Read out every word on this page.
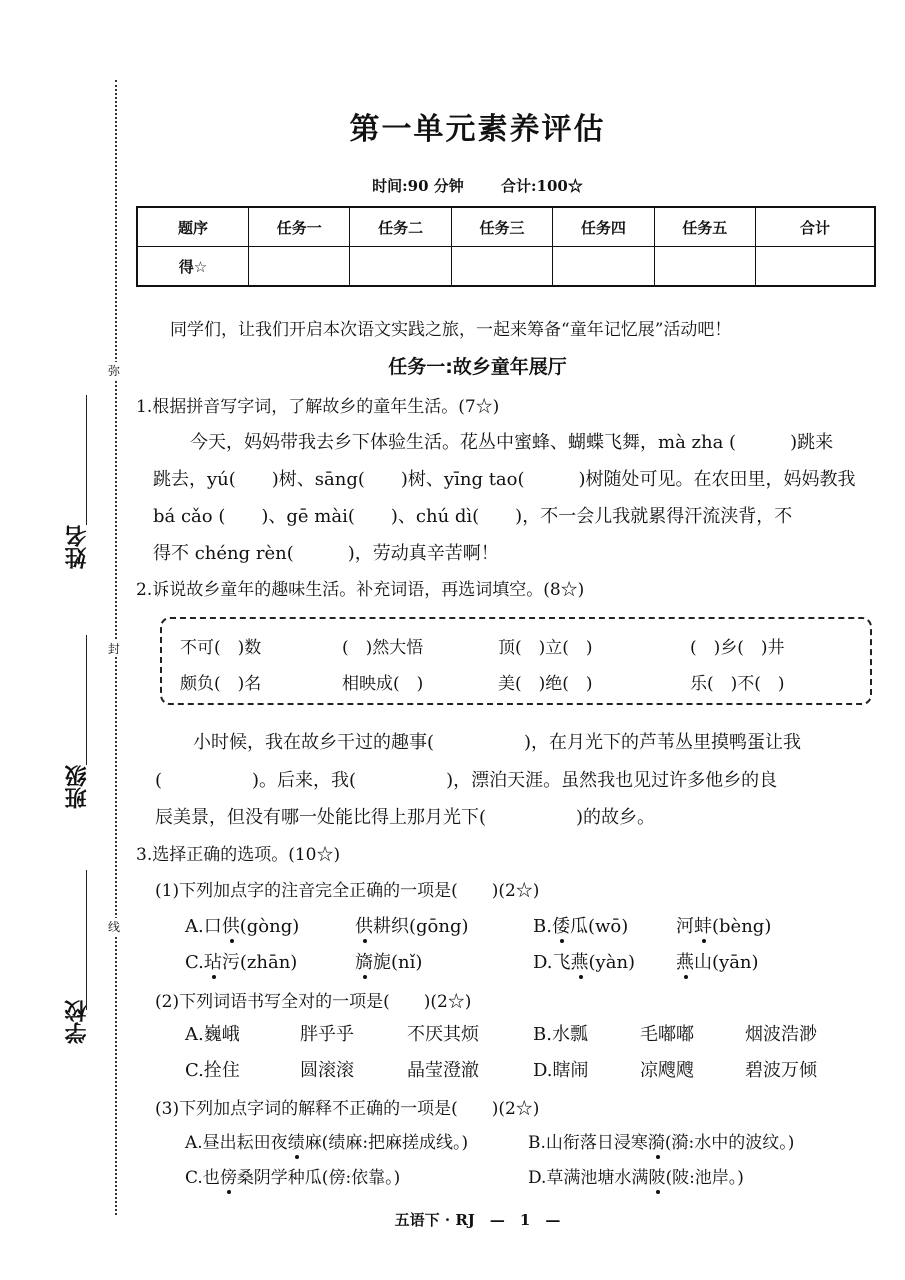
姓名
班级
学校
弥
封
线
第一单元素养评估
时间:90 分钟 合计:100☆
题序	任务一	任务二	任务三	任务四	任务五	合计
得☆						
同学们，让我们开启本次语文实践之旅，一起来筹备“童年记忆展”活动吧！
任务一:故乡童年展厅
1.根据拼音写字词，了解故乡的童年生活。(7☆)
今天，妈妈带我去乡下体验生活。花丛中蜜蜂、蝴蝶飞舞，mà zha (　　　)跳来
跳去，yú(　　)树、sāng(　　)树、yīng tao(　　　)树随处可见。在农田里，妈妈教我
bá cǎo (　　)、gē mài(　　)、chú dì(　　)，不一会儿我就累得汗流浃背，不
得不 chéng rèn(　　　)，劳动真辛苦啊！
2.诉说故乡童年的趣味生活。补充词语，再选词填空。(8☆)
不可(　)数	(　)然大悟	顶(　)立(　)	(　)乡(　)井
颇负(　)名	相映成(　)	美(　)绝(　)	乐(　)不(　)
小时候，我在故乡干过的趣事(　　　　　)，在月光下的芦苇丛里摸鸭蛋让我
(　　　　　)。后来，我(　　　　　)，漂泊天涯。虽然我也见过许多他乡的良
辰美景，但没有哪一处能比得上那月光下(　　　　　)的故乡。
3.选择正确的选项。(10☆)
(1)下列加点字的注音完全正确的一项是(　　)(2☆)
A.口供(gòng)	供耕织(gōng)	B.倭瓜(wō)	河蚌(bèng)
C.玷污(zhān)	旖旎(nǐ)	D.飞燕(yàn) 燕山(yān)
(2)下列词语书写全对的一项是(　　)(2☆)
A.巍峨	胖乎乎	不厌其烦	B.水瓢	毛嘟嘟	烟波浩渺
C.拴住	圆滚滚	晶莹澄澈	D.瞎闹	凉飕飕	碧波万倾
(3)下列加点字词的解释不正确的一项是(　　)(2☆)
A.昼出耘田夜绩麻(绩麻:把麻搓成线。)	B.山衔落日浸寒漪(漪:水中的波纹。)
C.也傍桑阴学种瓜(傍:依靠。)	D.草满池塘水满陂(陂:池岸。)
五语下 · RJ　—　1　—
